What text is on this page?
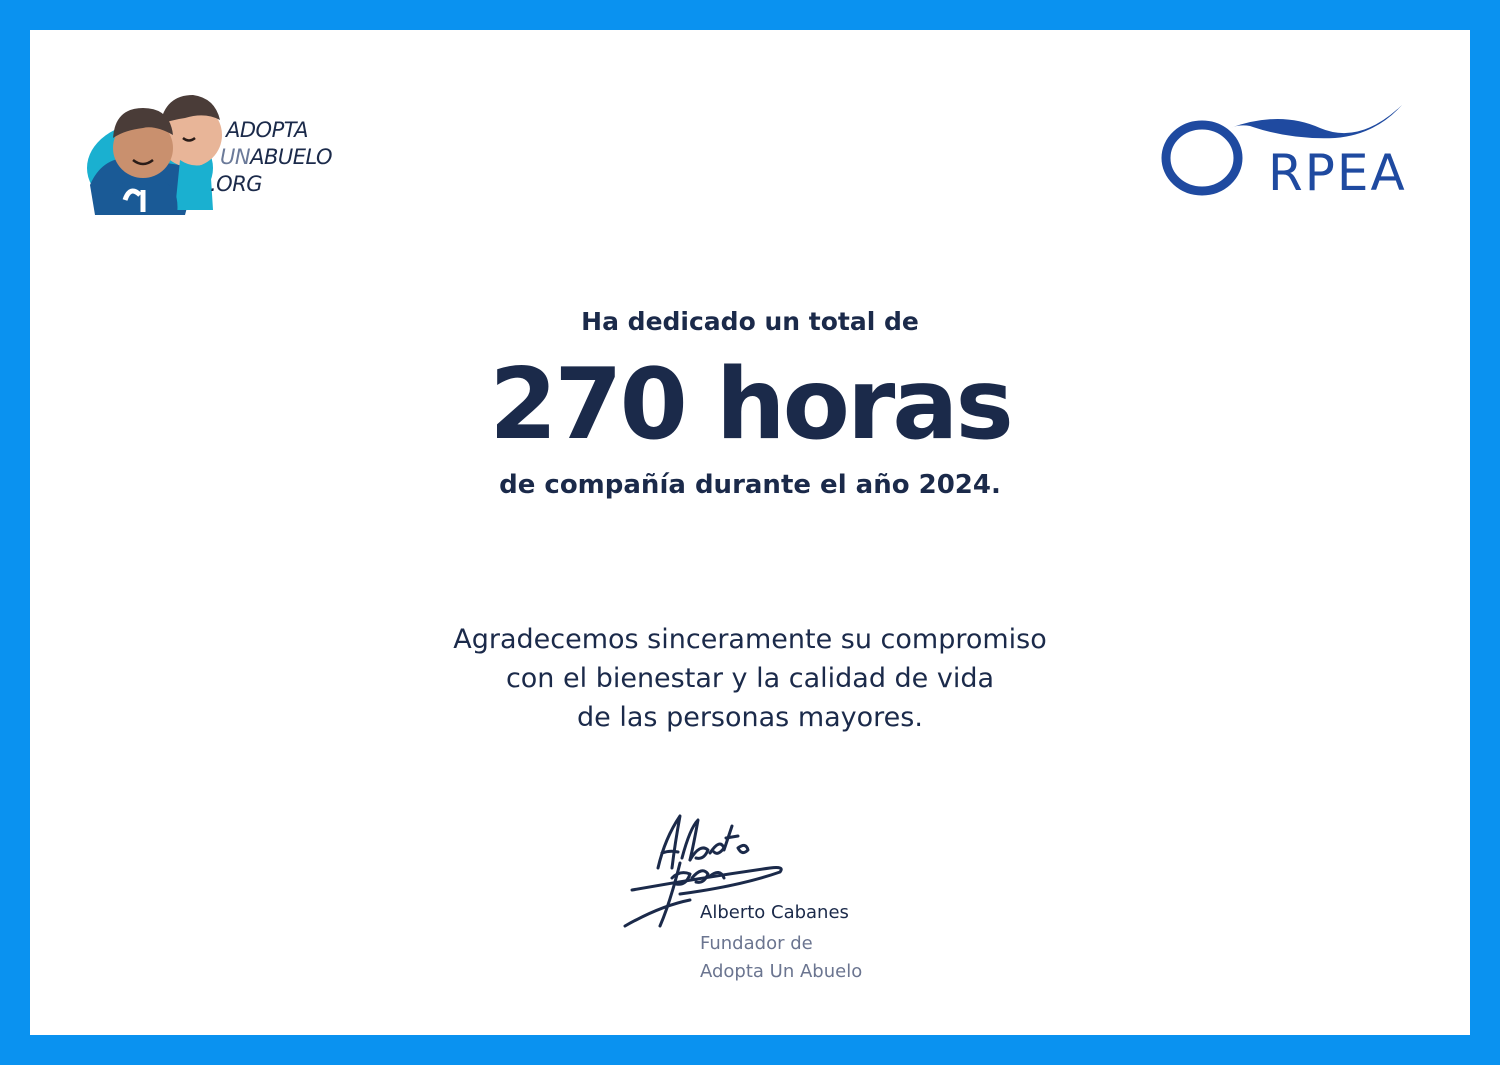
ADOPTA
UNABUELO
.ORG	RPEA
Ha dedicado un total de
270 horas
de compañía durante el año 2024.
Agradecemos sinceramente su compromiso
con el bienestar y la calidad de vida
de las personas mayores.
Alberto Cabanes
Fundador de
Adopta Un Abuelo
